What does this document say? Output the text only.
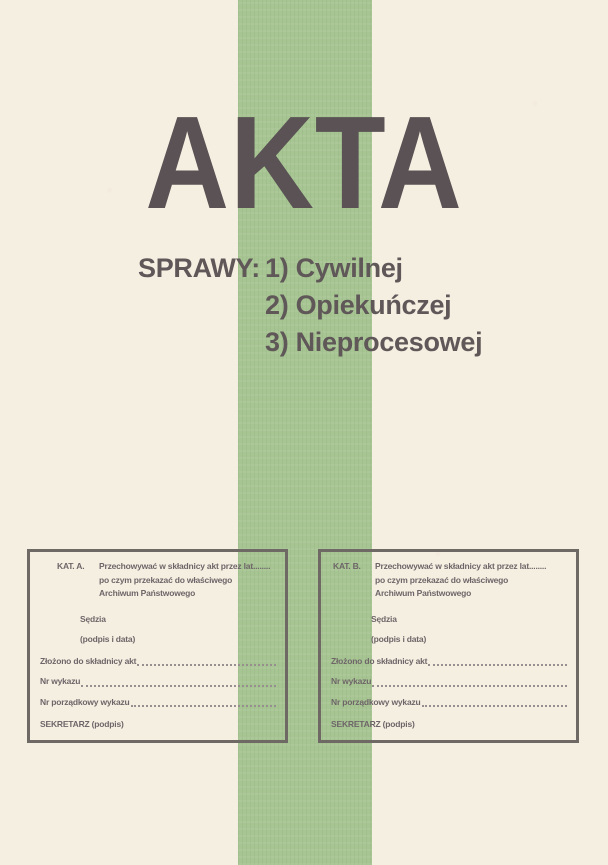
AKTA
SPRAWY: 1) Cywilnej
2) Opiekuńczej
3) Nieprocesowej
KAT. A.	Przechowywać w składnicy akt przez lat........
po czym przekazać do właściwego
Archiwum Państwowego
Sędzia
(podpis i data)
Złożono do składnicy akt
Nr wykazu
Nr porządkowy wykazu
SEKRETARZ (podpis)
KAT. B.	Przechowywać w składnicy akt przez lat........
po czym przekazać do właściwego
Archiwum Państwowego
Sędzia
(podpis i data)
Złożono do składnicy akt
Nr wykazu
Nr porządkowy wykazu
SEKRETARZ (podpis)
